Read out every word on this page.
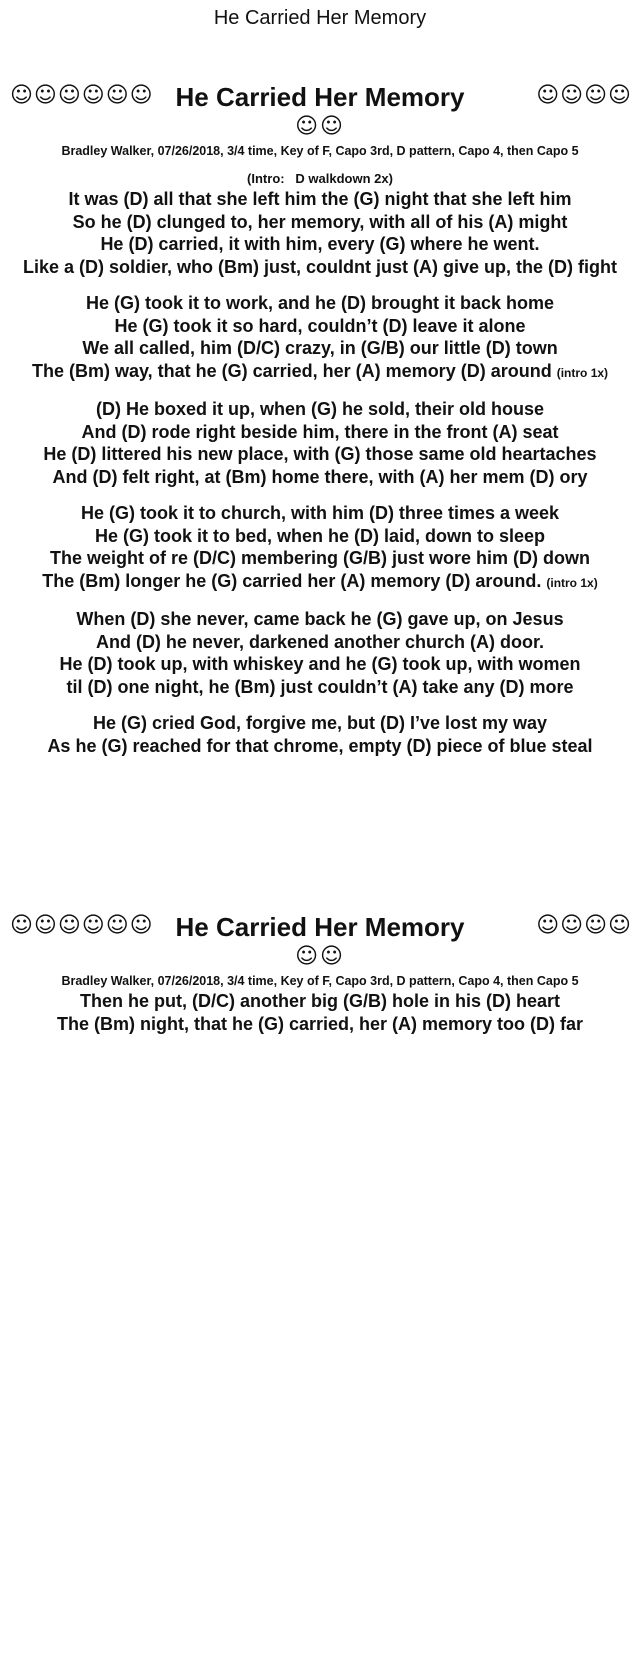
He Carried Her Memory
☺☺☺☺☺☺ He Carried Her Memory	☺☺☺☺
☺☺
Bradley Walker, 07/26/2018, 3/4 time, Key of F, Capo 3rd, D pattern, Capo 4, then Capo 5
(Intro:   D walkdown 2x)
It was (D) all that she left him the (G) night that she left him
So he (D) clunged to, her memory, with all of his (A) might
He (D) carried, it with him, every (G) where he went.
Like a (D) soldier, who (Bm) just, couldnt just (A) give up, the (D) fight
He (G) took it to work, and he (D) brought it back home
He (G) took it so hard, couldn’t (D) leave it alone
We all called, him (D/C) crazy, in (G/B) our little (D) town
The (Bm) way, that he (G) carried, her (A) memory (D) around (intro 1x)
(D) He boxed it up, when (G) he sold, their old house
And (D) rode right beside him, there in the front (A) seat
He (D) littered his new place, with (G) those same old heartaches
And (D) felt right, at (Bm) home there, with (A) her mem (D) ory
He (G) took it to church, with him (D) three times a week
He (G) took it to bed, when he (D) laid, down to sleep
The weight of re (D/C) membering (G/B) just wore him (D) down
The (Bm) longer he (G) carried her (A) memory (D) around. (intro 1x)
When (D) she never, came back he (G) gave up, on Jesus
And (D) he never, darkened another church (A) door.
He (D) took up, with whiskey and he (G) took up, with women
til (D) one night, he (Bm) just couldn’t (A) take any (D) more
He (G) cried God, forgive me, but (D) I’ve lost my way
As he (G) reached for that chrome, empty (D) piece of blue steal
☺☺☺☺☺☺ He Carried Her Memory	☺☺☺☺
☺☺
Bradley Walker, 07/26/2018, 3/4 time, Key of F, Capo 3rd, D pattern, Capo 4, then Capo 5
Then he put, (D/C) another big (G/B) hole in his (D) heart
The (Bm) night, that he (G) carried, her (A) memory too (D) far
